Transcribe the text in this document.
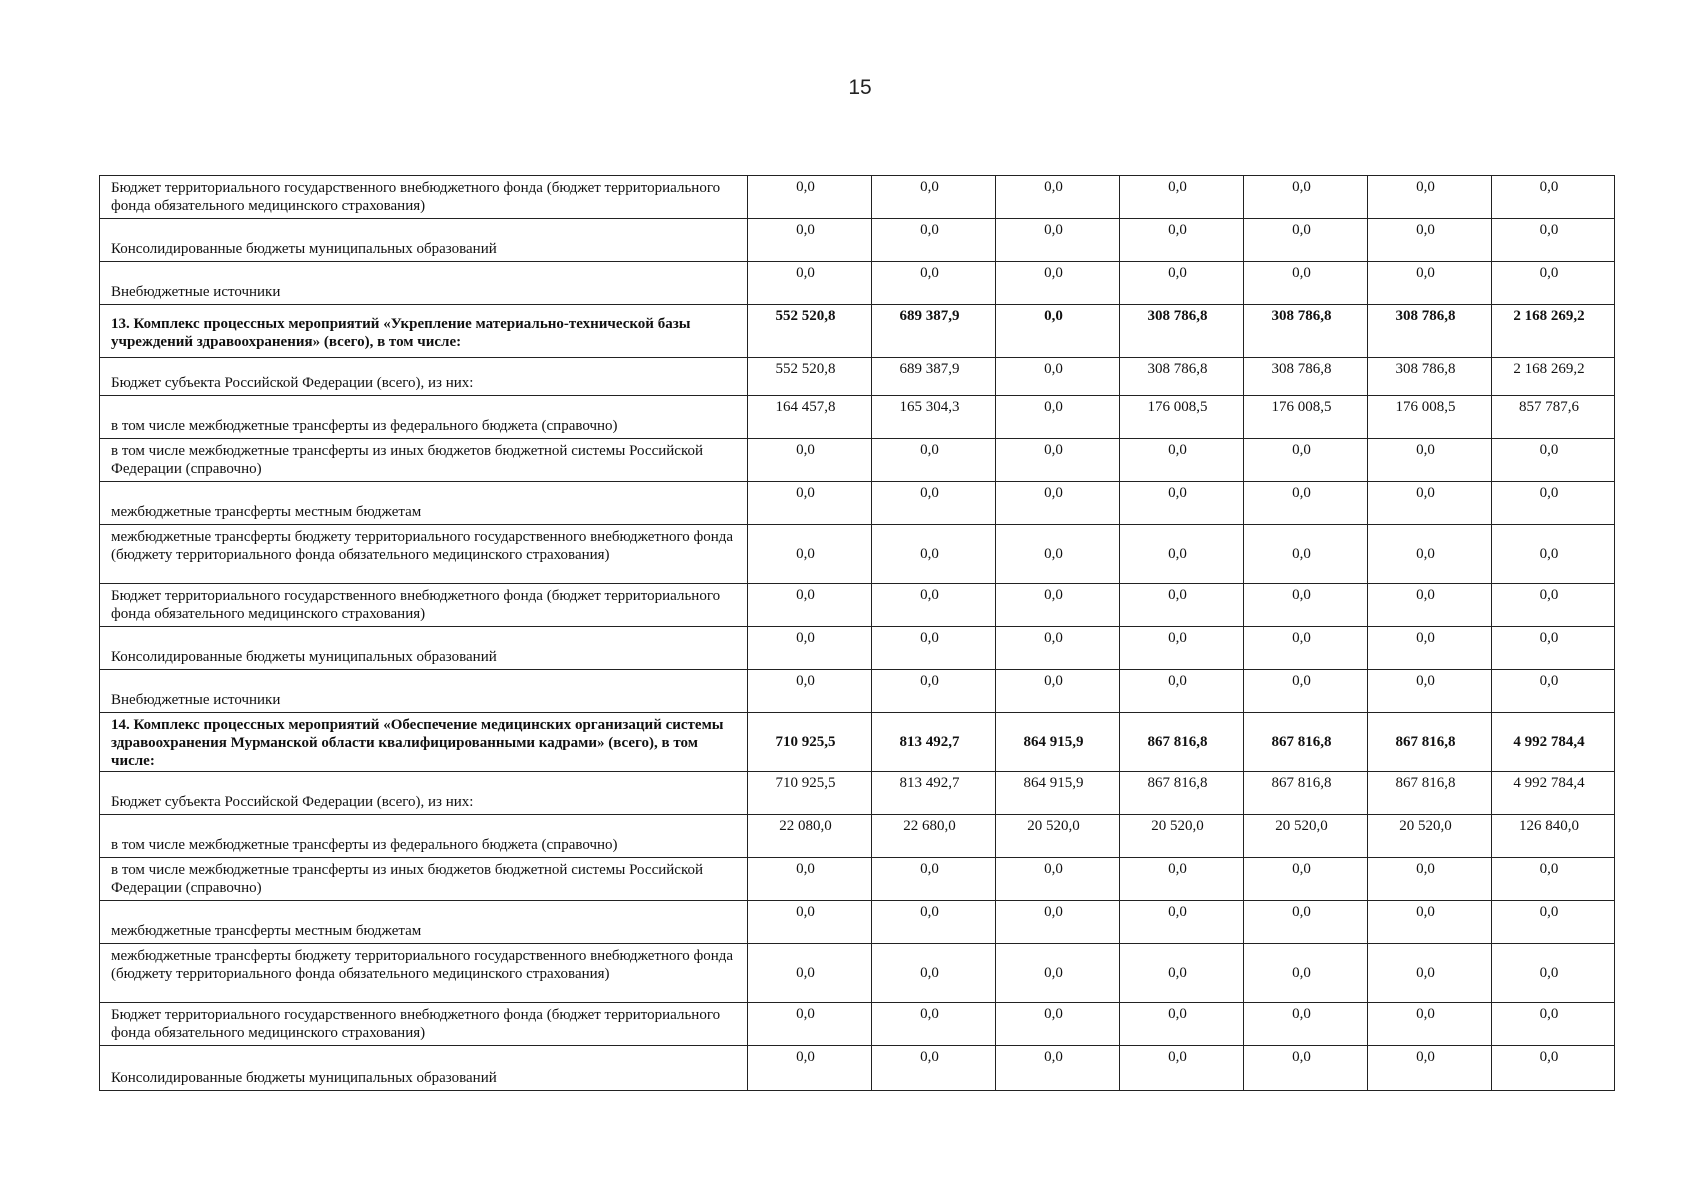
15
Бюджет территориального государственного внебюджетного фонда (бюджет территориального фонда обязательного медицинского страхования)	0,0	0,0	0,0	0,0	0,0	0,0	0,0

Консолидированные бюджеты муниципальных образований	0,0	0,0	0,0	0,0	0,0	0,0	0,0

Внебюджетные источники	0,0	0,0	0,0	0,0	0,0	0,0	0,0

13. Комплекс процессных мероприятий «Укрепление материально-технической базы учреждений здравоохранения» (всего), в том числе:	552 520,8	689 387,9	0,0	308 786,8	308 786,8	308 786,8	2 168 269,2

Бюджет субъекта Российской Федерации (всего), из них:	552 520,8	689 387,9	0,0	308 786,8	308 786,8	308 786,8	2 168 269,2

в том числе межбюджетные трансферты из федерального бюджета (справочно)	164 457,8	165 304,3	0,0	176 008,5	176 008,5	176 008,5	857 787,6

в том числе межбюджетные трансферты из иных бюджетов бюджетной системы Российской Федерации (справочно)	0,0	0,0	0,0	0,0	0,0	0,0	0,0

межбюджетные трансферты местным бюджетам	0,0	0,0	0,0	0,0	0,0	0,0	0,0

межбюджетные трансферты бюджету территориального государственного внебюджетного фонда (бюджету территориального фонда обязательного медицинского страхования)	0,0	0,0	0,0	0,0	0,0	0,0	0,0

Бюджет территориального государственного внебюджетного фонда (бюджет территориального фонда обязательного медицинского страхования)	0,0	0,0	0,0	0,0	0,0	0,0	0,0

Консолидированные бюджеты муниципальных образований	0,0	0,0	0,0	0,0	0,0	0,0	0,0

Внебюджетные источники	0,0	0,0	0,0	0,0	0,0	0,0	0,0

14. Комплекс процессных мероприятий «Обеспечение медицинских организаций системы здравоохранения Мурманской области квалифицированными кадрами» (всего), в том числе:	710 925,5	813 492,7	864 915,9	867 816,8	867 816,8	867 816,8	4 992 784,4

Бюджет субъекта Российской Федерации (всего), из них:	710 925,5	813 492,7	864 915,9	867 816,8	867 816,8	867 816,8	4 992 784,4

в том числе межбюджетные трансферты из федерального бюджета (справочно)	22 080,0	22 680,0	20 520,0	20 520,0	20 520,0	20 520,0	126 840,0

в том числе межбюджетные трансферты из иных бюджетов бюджетной системы Российской Федерации (справочно)	0,0	0,0	0,0	0,0	0,0	0,0	0,0

межбюджетные трансферты местным бюджетам	0,0	0,0	0,0	0,0	0,0	0,0	0,0

межбюджетные трансферты бюджету территориального государственного внебюджетного фонда (бюджету территориального фонда обязательного медицинского страхования)	0,0	0,0	0,0	0,0	0,0	0,0	0,0

Бюджет территориального государственного внебюджетного фонда (бюджет территориального фонда обязательного медицинского страхования)	0,0	0,0	0,0	0,0	0,0	0,0	0,0

Консолидированные бюджеты муниципальных образований	0,0	0,0	0,0	0,0	0,0	0,0	0,0
